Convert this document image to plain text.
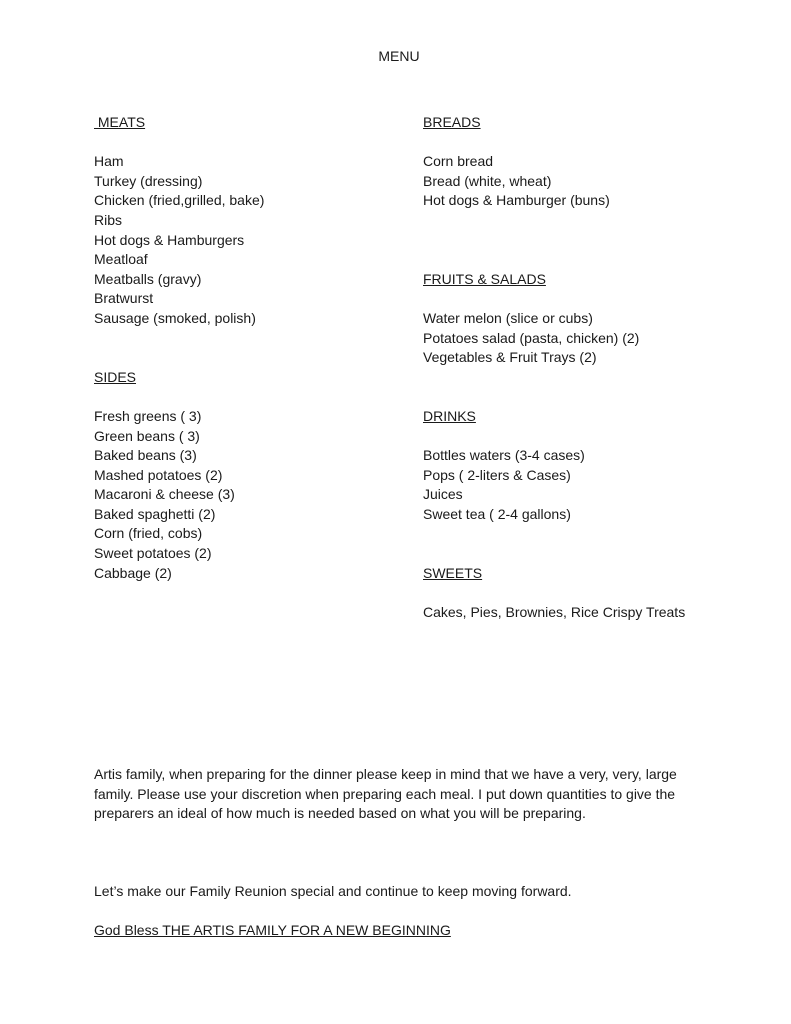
MENU
MEATS
Ham
Turkey (dressing)
Chicken (fried,grilled, bake)
Ribs
Hot dogs & Hamburgers
Meatloaf
Meatballs (gravy)
Bratwurst
Sausage (smoked, polish)
SIDES
Fresh greens ( 3)
Green beans ( 3)
Baked beans (3)
Mashed potatoes (2)
Macaroni & cheese (3)
Baked spaghetti (2)
Corn (fried, cobs)
Sweet potatoes (2)
Cabbage (2)
BREADS
Corn bread
Bread (white, wheat)
Hot dogs & Hamburger (buns)
FRUITS & SALADS
Water melon (slice or cubs)
Potatoes salad (pasta, chicken) (2)
Vegetables & Fruit Trays (2)
DRINKS
Bottles waters (3-4 cases)
Pops ( 2-liters & Cases)
Juices
Sweet tea ( 2-4 gallons)
SWEETS
Cakes, Pies, Brownies, Rice Crispy Treats
Artis family, when preparing for the dinner please keep in mind that we have a very, very, large family. Please use your discretion when preparing each meal. I put down quantities to give the preparers an ideal of how much is needed based on what you will be preparing.
Let’s make our Family Reunion special and continue to keep moving forward.
God Bless THE ARTIS FAMILY FOR A NEW BEGINNING
